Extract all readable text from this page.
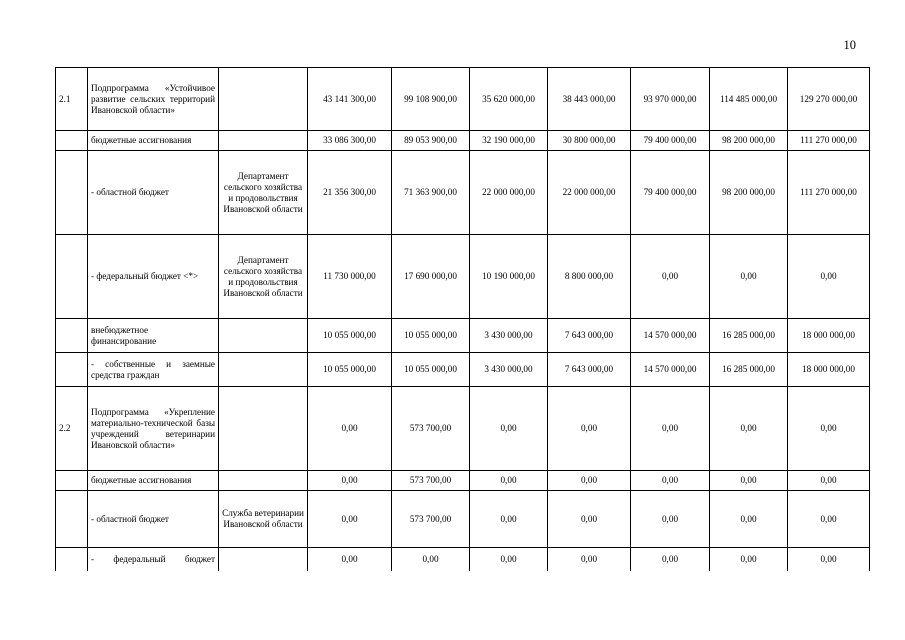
10
2.1	Подпрограмма «Устойчивое развитие сельских территорий Ивановской области»		43 141 300,00	99 108 900,00	35 620 000,00	38 443 000,00	93 970 000,00	114 485 000,00	129 270 000,00
	бюджетные ассигнования		33 086 300,00	89 053 900,00	32 190 000,00	30 800 000,00	79 400 000,00	98 200 000,00	111 270 000,00
	- областной бюджет	Департамент сельского хозяйства и продовольствия Ивановской области	21 356 300,00	71 363 900,00	22 000 000,00	22 000 000,00	79 400 000,00	98 200 000,00	111 270 000,00
	- федеральный бюджет <*>	Департамент сельского хозяйства и продовольствия Ивановской области	11 730 000,00	17 690 000,00	10 190 000,00	8 800 000,00	0,00	0,00	0,00
	внебюджетное финансирование		10 055 000,00	10 055 000,00	3 430 000,00	7 643 000,00	14 570 000,00	16 285 000,00	18 000 000,00
	- собственные и заемные средства граждан		10 055 000,00	10 055 000,00	3 430 000,00	7 643 000,00	14 570 000,00	16 285 000,00	18 000 000,00
2.2	Подпрограмма «Укрепление материально-технической базы учреждений ветеринарии Ивановской области»		0,00	573 700,00	0,00	0,00	0,00	0,00	0,00
	бюджетные ассигнования		0,00	573 700,00	0,00	0,00	0,00	0,00	0,00
	- областной бюджет	Служба ветеринарии Ивановской области	0,00	573 700,00	0,00	0,00	0,00	0,00	0,00
	- федеральный бюджет		0,00	0,00	0,00	0,00	0,00	0,00	0,00
